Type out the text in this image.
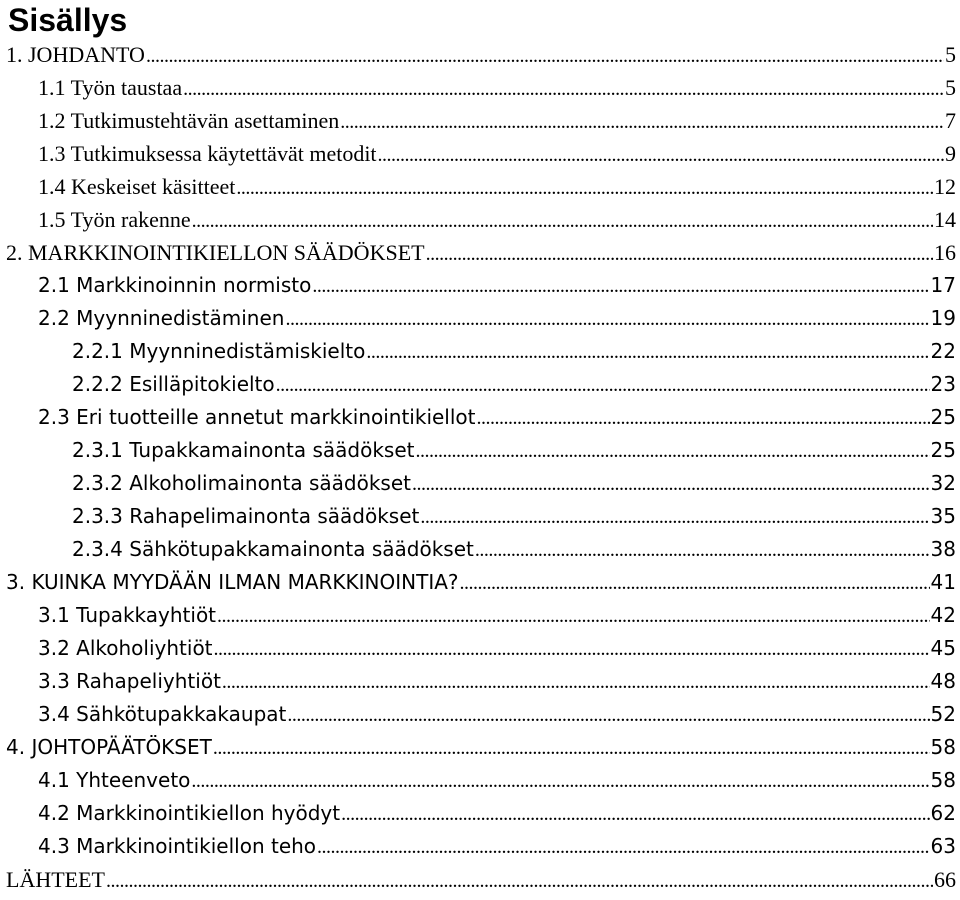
Sisällys
1. JOHDANTO .....	5
1.1 Työn taustaa .....	5
1.2 Tutkimustehtävän asettaminen .....	7
1.3 Tutkimuksessa käytettävät metodit .....	9
1.4 Keskeiset käsitteet .....	12
1.5 Työn rakenne .....	14
2. MARKKINOINTIKIELLON SÄÄDÖKSET .....	16
2.1 Markkinoinnin normisto .....	17
2.2 Myynninedistäminen .....	19
2.2.1 Myynninedistämiskielto .....	22
2.2.2 Esilläpitokielto .....	23
2.3 Eri tuotteille annetut markkinointikiellot .....	25
2.3.1 Tupakkamainonta säädökset .....	25
2.3.2 Alkoholimainonta säädökset .....	32
2.3.3 Rahapelimainonta säädökset .....	35
2.3.4 Sähkötupakkamainonta säädökset .....	38
3. KUINKA MYYDÄÄN ILMAN MARKKINOINTIA? .....	41
3.1 Tupakkayhtiöt .....	42
3.2 Alkoholiyhtiöt .....	45
3.3 Rahapeliyhtiöt .....	48
3.4 Sähkötupakkakaupat .....	52
4. JOHTOPÄÄTÖKSET .....	58
4.1 Yhteenveto .....	58
4.2 Markkinointikiellon hyödyt .....	62
4.3 Markkinointikiellon teho .....	63
LÄHTEET .....	66
